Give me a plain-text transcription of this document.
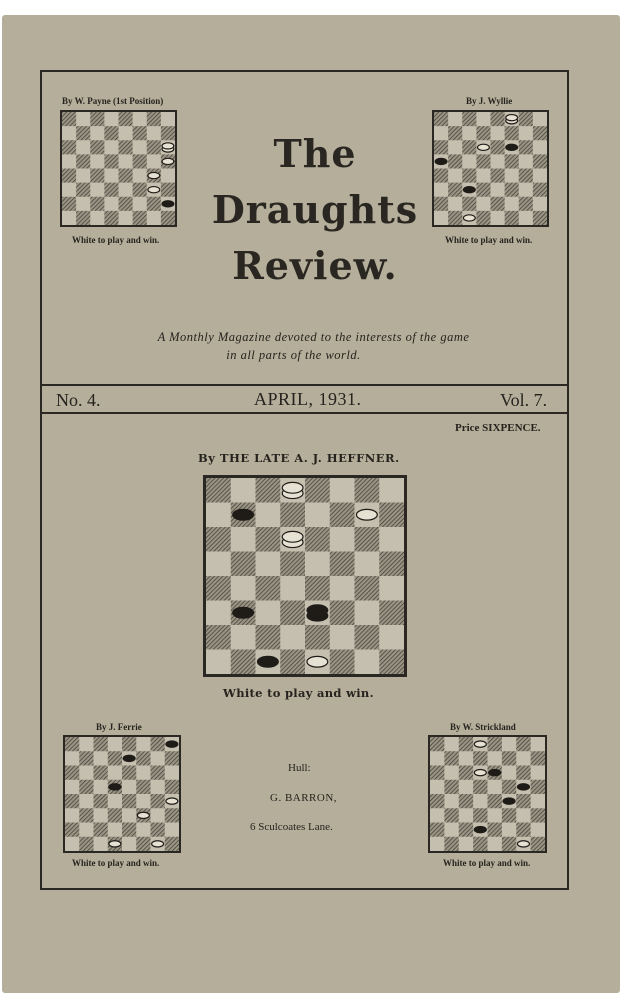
By W. Payne (1st Position)
White to play and win.
By J. Wyllie
White to play and win.
The
Draughts
Review.
A Monthly Magazine devoted to the interests of the game
in all parts of the world.
No. 4.	APRIL, 1931.	Vol. 7.
Price SIXPENCE.
By THE LATE A. J. HEFFNER.
White to play and win.
By J. Ferrie
White to play and win.
Hull:
G. BARRON,
6 Sculcoates Lane.
By W. Strickland
White to play and win.
